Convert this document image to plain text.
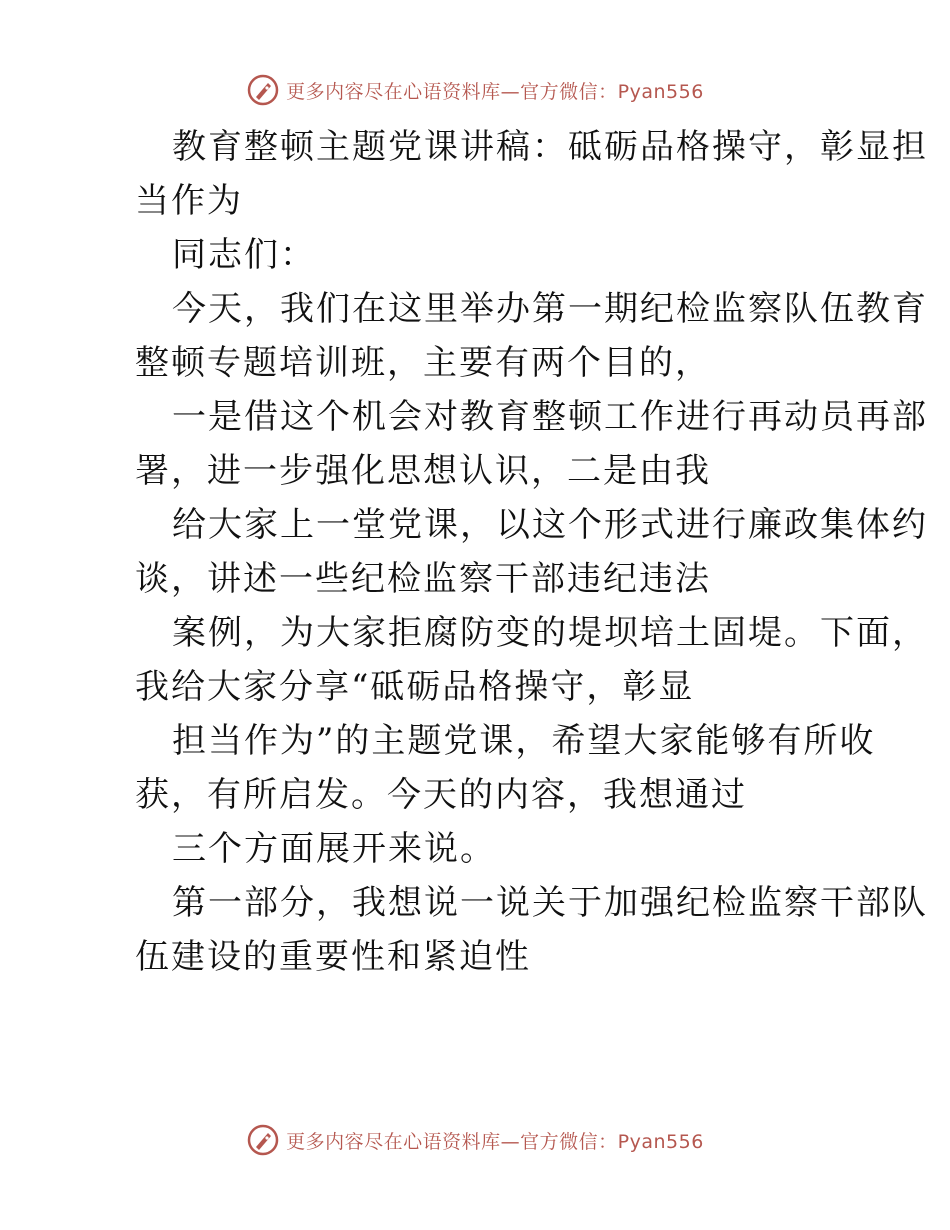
更多内容尽在心语资料库—官方微信：Pyan556
教育整顿主题党课讲稿：砥砺品格操守，彰显担
当作为
同志们：
今天，我们在这里举办第一期纪检监察队伍教育
整顿专题培训班，主要有两个目的，
一是借这个机会对教育整顿工作进行再动员再部
署，进一步强化思想认识，二是由我
给大家上一堂党课，以这个形式进行廉政集体约
谈，讲述一些纪检监察干部违纪违法
案例，为大家拒腐防变的堤坝培土固堤。下面，
我给大家分享“砥砺品格操守，彰显
担当作为”的主题党课，希望大家能够有所收
获，有所启发。今天的内容，我想通过
三个方面展开来说。
第一部分，我想说一说关于加强纪检监察干部队
伍建设的重要性和紧迫性
更多内容尽在心语资料库—官方微信：Pyan556
